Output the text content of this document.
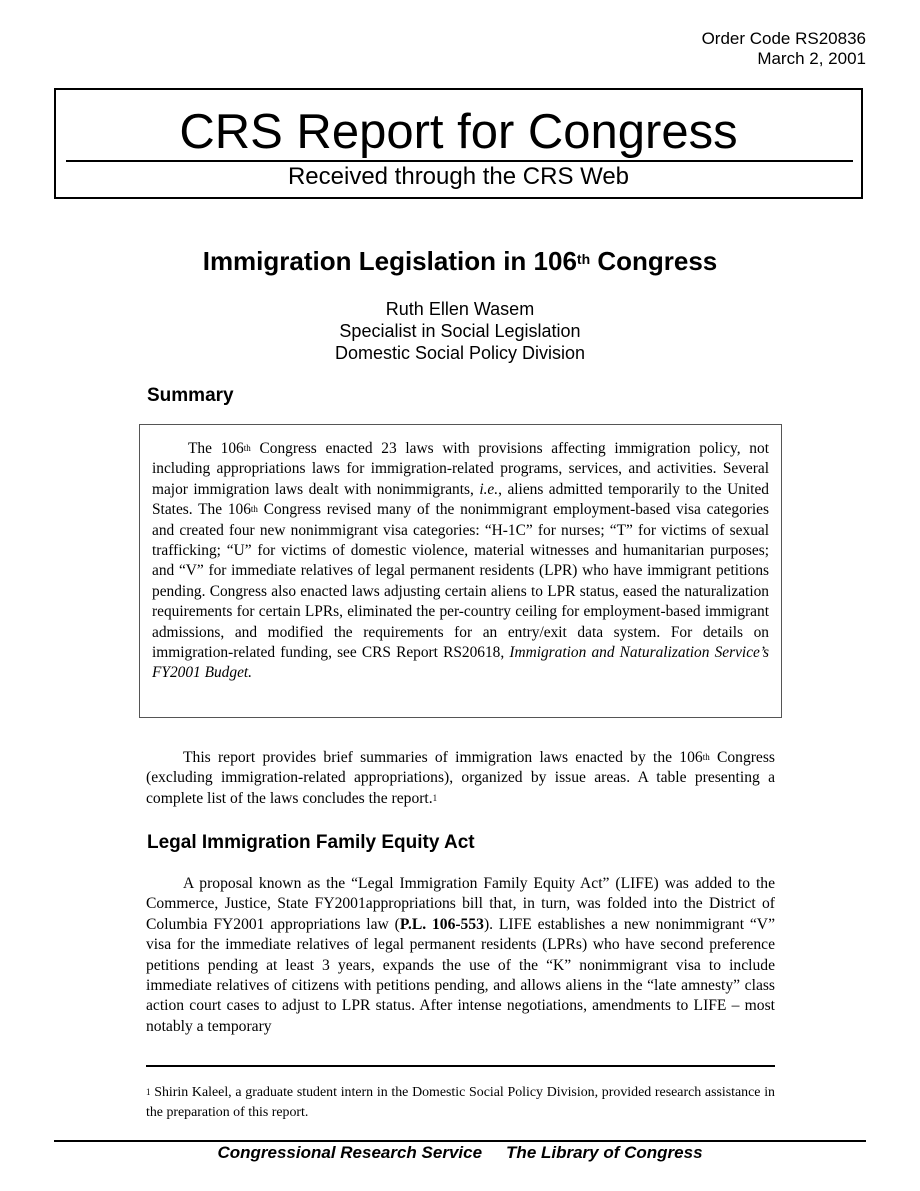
Order Code RS20836
March 2, 2001
CRS Report for Congress
Received through the CRS Web
Immigration Legislation in 106th Congress
Ruth Ellen Wasem
Specialist in Social Legislation
Domestic Social Policy Division
Summary
The 106th Congress enacted 23 laws with provisions affecting immigration policy, not including appropriations laws for immigration-related programs, services, and activities. Several major immigration laws dealt with nonimmigrants, i.e., aliens admitted temporarily to the United States. The 106th Congress revised many of the nonimmigrant employment-based visa categories and created four new nonimmigrant visa categories: “H-1C” for nurses; “T” for victims of sexual trafficking; “U” for victims of domestic violence, material witnesses and humanitarian purposes; and “V” for immediate relatives of legal permanent residents (LPR) who have immigrant petitions pending. Congress also enacted laws adjusting certain aliens to LPR status, eased the naturalization requirements for certain LPRs, eliminated the per-country ceiling for employment-based immigrant admissions, and modified the requirements for an entry/exit data system. For details on immigration-related funding, see CRS Report RS20618, Immigration and Naturalization Service’s FY2001 Budget.
This report provides brief summaries of immigration laws enacted by the 106th Congress (excluding immigration-related appropriations), organized by issue areas. A table presenting a complete list of the laws concludes the report.$^1$
Legal Immigration Family Equity Act
A proposal known as the “Legal Immigration Family Equity Act” (LIFE) was added to the Commerce, Justice, State FY2001appropriations bill that, in turn, was folded into the District of Columbia FY2001 appropriations law (P.L. 106-553). LIFE establishes a new nonimmigrant “V” visa for the immediate relatives of legal permanent residents (LPRs) who have second preference petitions pending at least 3 years, expands the use of the “K” nonimmigrant visa to include immediate relatives of citizens with petitions pending, and allows aliens in the “late amnesty” class action court cases to adjust to LPR status. After intense negotiations, amendments to LIFE – most notably a temporary
$^1$ Shirin Kaleel, a graduate student intern in the Domestic Social Policy Division, provided research assistance in the preparation of this report.
Congressional Research Service The Library of Congress
